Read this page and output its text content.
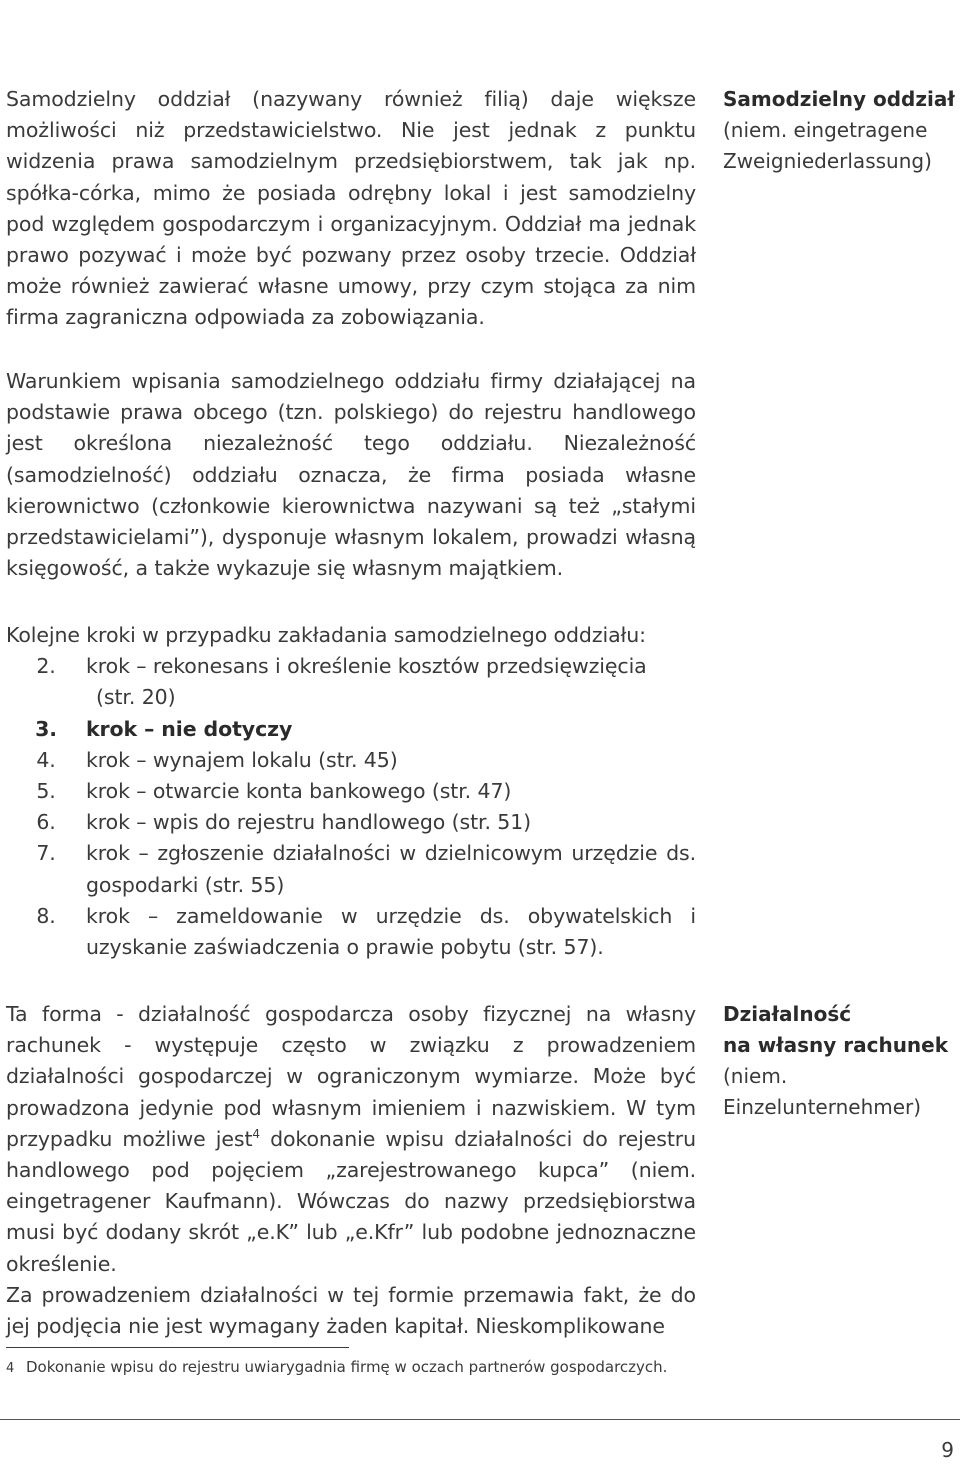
Samodzielny oddział (nazywany również filią) daje większe możliwości niż przedstawicielstwo. Nie jest jednak z punktu widzenia prawa samodzielnym przedsiębiorstwem, tak jak np. spółka-córka, mimo że posiada odrębny lokal i jest samodzielny pod względem gospodarczym i organizacyjnym. Oddział ma jednak prawo pozywać i może być pozwany przez osoby trzecie. Oddział może również zawierać własne umowy, przy czym stojąca za nim firma zagraniczna odpowiada za zobowiązania.

Samodzielny oddział
(niem. eingetragene Zweigniederlassung)

Warunkiem wpisania samodzielnego oddziału firmy działającej na podstawie prawa obcego (tzn. polskiego) do rejestru handlowego jest określona niezależność tego oddziału. Niezależność (samodzielność) oddziału oznacza, że firma posiada własne kierownictwo (członkowie kierownictwa nazywani są też „stałymi przedstawicielami”), dysponuje własnym lokalem, prowadzi własną księgowość, a także wykazuje się własnym majątkiem.

Kolejne kroki w przypadku zakładania samodzielnego oddziału:

2.	krok – rekonesans i określenie kosztów przedsięwzięcia
(str. 20)
3.	krok – nie dotyczy
4.	krok – wynajem lokalu (str. 45)
5.	krok – otwarcie konta bankowego (str. 47)
6.	krok – wpis do rejestru handlowego (str. 51)
7.	krok – zgłoszenie działalności w dzielnicowym urzędzie ds. gospodarki (str. 55)
8.	krok – zameldowanie w urzędzie ds. obywatelskich i uzyskanie zaświadczenia o prawie pobytu (str. 57).

Ta forma - działalność gospodarcza osoby fizycznej na własny rachunek - występuje często w związku z prowadzeniem działalności gospodarczej w ograniczonym wymiarze. Może być prowadzona jedynie pod własnym imieniem i nazwiskiem. W tym przypadku możliwe jest$^4$ dokonanie wpisu działalności do rejestru handlowego pod pojęciem „zarejestrowanego kupca” (niem. eingetragener Kaufmann). Wówczas do nazwy przedsiębiorstwa musi być dodany skrót „e.K” lub „e.Kfr” lub podobne jednoznaczne określenie.

Za prowadzeniem działalności w tej formie przemawia fakt, że do jej podjęcia nie jest wymagany żaden kapitał. Nieskomplikowane

Działalność
na własny rachunek
(niem. Einzelunternehmer)
4 Dokonanie wpisu do rejestru uwiarygadnia firmę w oczach partnerów gospodarczych.
9
